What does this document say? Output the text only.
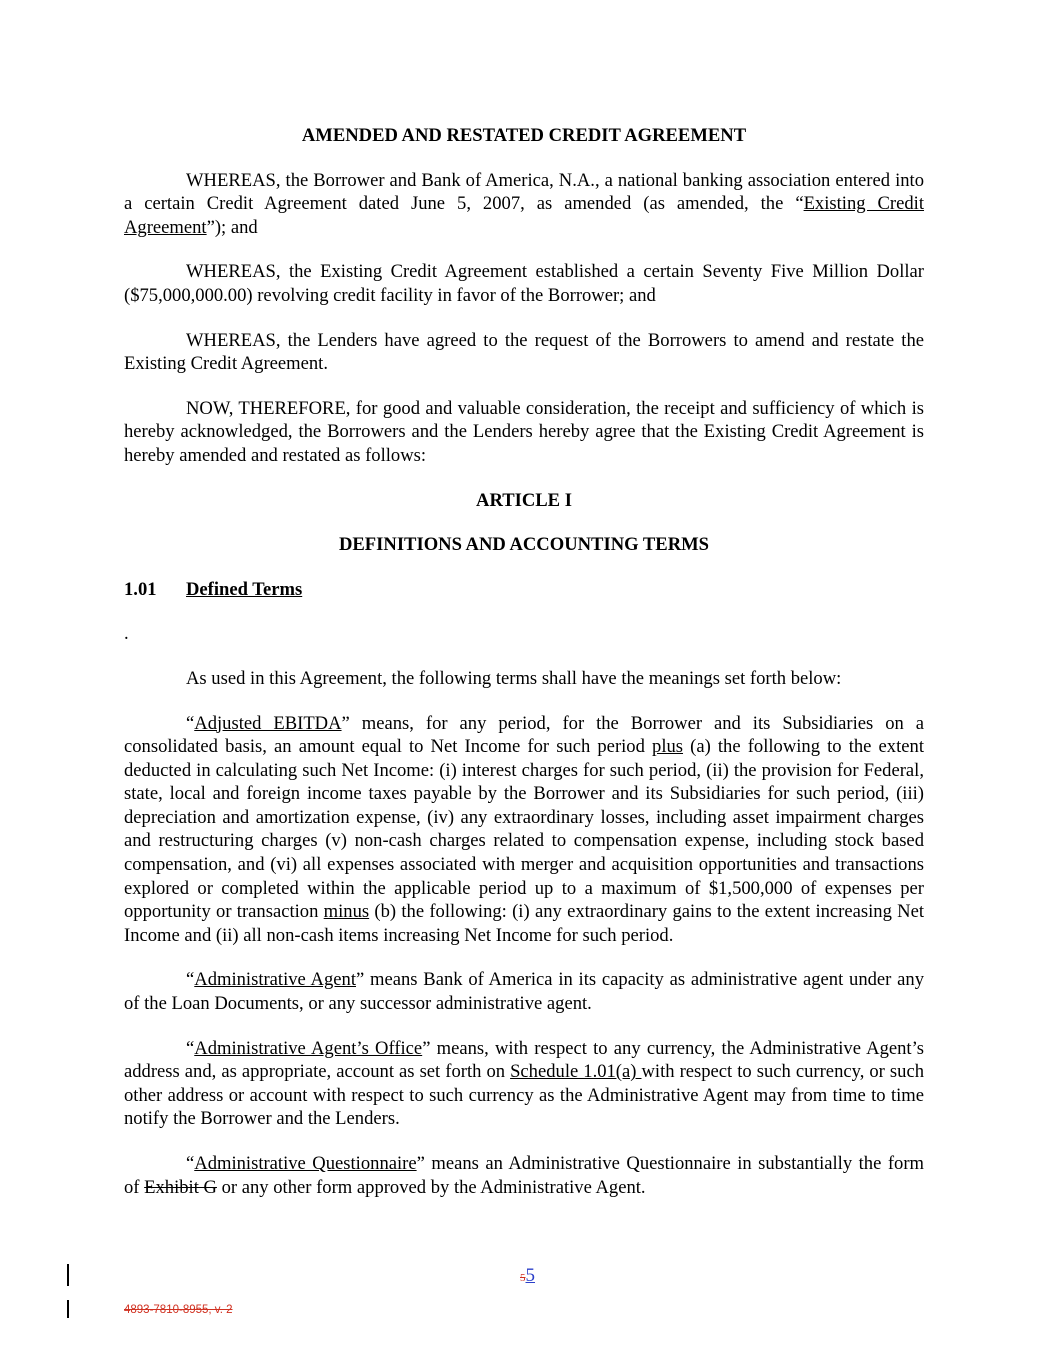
AMENDED AND RESTATED CREDIT AGREEMENT

WHEREAS, the Borrower and Bank of America, N.A., a national banking association entered into a certain Credit Agreement dated June 5, 2007, as amended (as amended, the “Existing Credit Agreement”); and

WHEREAS, the Existing Credit Agreement established a certain Seventy Five Million Dollar ($75,000,000.00) revolving credit facility in favor of the Borrower; and

WHEREAS, the Lenders have agreed to the request of the Borrowers to amend and restate the Existing Credit Agreement.

NOW, THEREFORE, for good and valuable consideration, the receipt and sufficiency of which is hereby acknowledged, the Borrowers and the Lenders hereby agree that the Existing Credit Agreement is hereby amended and restated as follows:

ARTICLE I

DEFINITIONS AND ACCOUNTING TERMS

1.01	Defined Terms

.

As used in this Agreement, the following terms shall have the meanings set forth below:

“Adjusted EBITDA” means, for any period, for the Borrower and its Subsidiaries on a consolidated basis, an amount equal to Net Income for such period plus (a) the following to the extent deducted in calculating such Net Income: (i) interest charges for such period, (ii) the provision for Federal, state, local and foreign income taxes payable by the Borrower and its Subsidiaries for such period, (iii) depreciation and amortization expense, (iv) any extraordinary losses, including asset impairment charges and restructuring charges (v) non-cash charges related to compensation expense, including stock based compensation, and (vi) all expenses associated with merger and acquisition opportunities and transactions explored or completed within the applicable period up to a maximum of $1,500,000 of expenses per opportunity or transaction minus (b) the following: (i) any extraordinary gains to the extent increasing Net Income and (ii) all non-cash items increasing Net Income for such period.

“Administrative Agent” means Bank of America in its capacity as administrative agent under any of the Loan Documents, or any successor administrative agent.

“Administrative Agent’s Office” means, with respect to any currency, the Administrative Agent’s address and, as appropriate, account as set forth on Schedule 1.01(a) with respect to such currency, or such other address or account with respect to such currency as the Administrative Agent may from time to time notify the Borrower and the Lenders.

“Administrative Questionnaire” means an Administrative Questionnaire in substantially the form of Exhibit G or any other form approved by the Administrative Agent.

55
4893-7810-8955, v. 2
